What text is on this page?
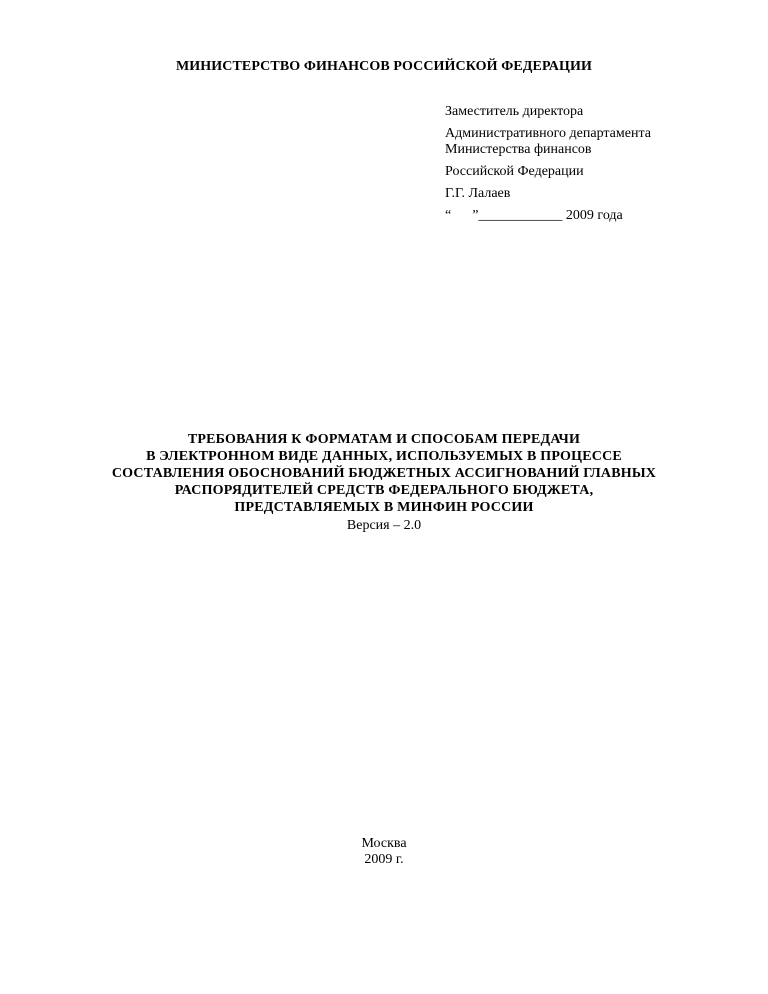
МИНИСТЕРСТВО ФИНАНСОВ РОССИЙСКОЙ ФЕДЕРАЦИИ
Заместитель директора
Административного департамента
Министерства финансов
Российской Федерации
Г.Г. Лалаев
“      ”____________ 2009 года
ТРЕБОВАНИЯ К ФОРМАТАМ И СПОСОБАМ ПЕРЕДАЧИ
В ЭЛЕКТРОННОМ ВИДЕ ДАННЫХ, ИСПОЛЬЗУЕМЫХ В ПРОЦЕССЕ
СОСТАВЛЕНИЯ ОБОСНОВАНИЙ БЮДЖЕТНЫХ АССИГНОВАНИЙ ГЛАВНЫХ
РАСПОРЯДИТЕЛЕЙ СРЕДСТВ ФЕДЕРАЛЬНОГО БЮДЖЕТА,
ПРЕДСТАВЛЯЕМЫХ В МИНФИН РОССИИ
Версия – 2.0
Москва
2009 г.
